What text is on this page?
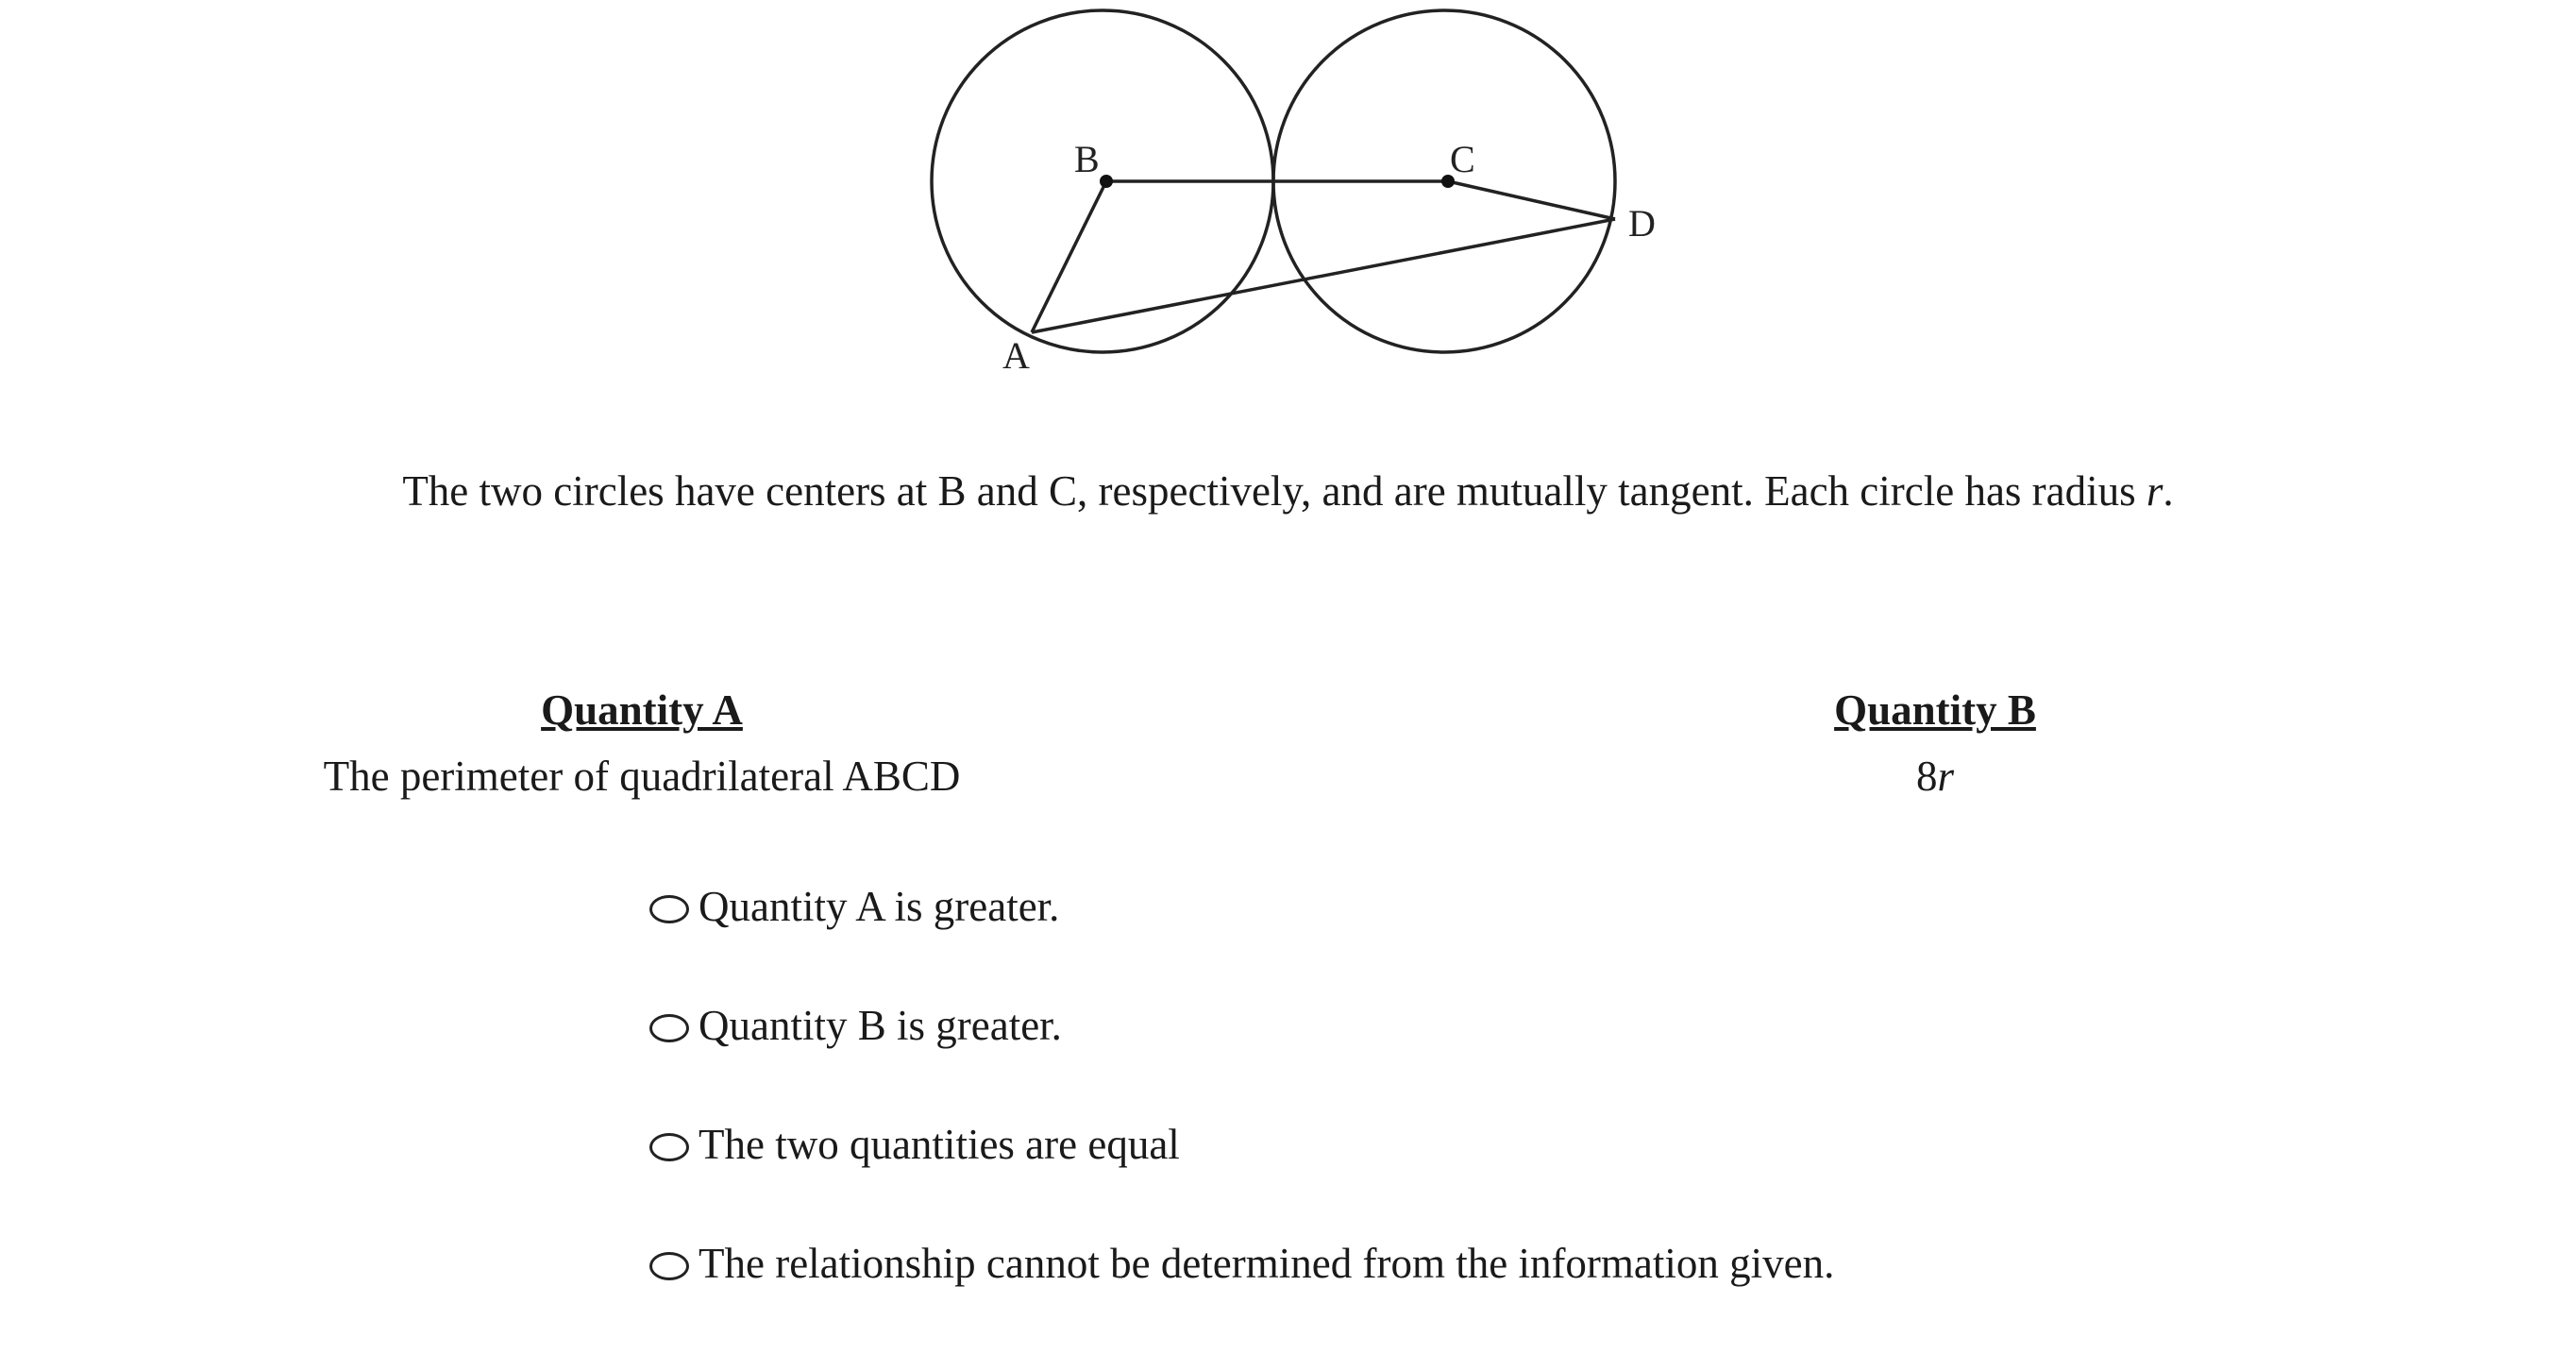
B	C
D
A
The two circles have centers at B and C, respectively, and are mutually tangent. Each circle has radius r.
Quantity A
The perimeter of quadrilateral ABCD
Quantity B
8r
Quantity A is greater.
Quantity B is greater.
The two quantities are equal
The relationship cannot be determined from the information given.
